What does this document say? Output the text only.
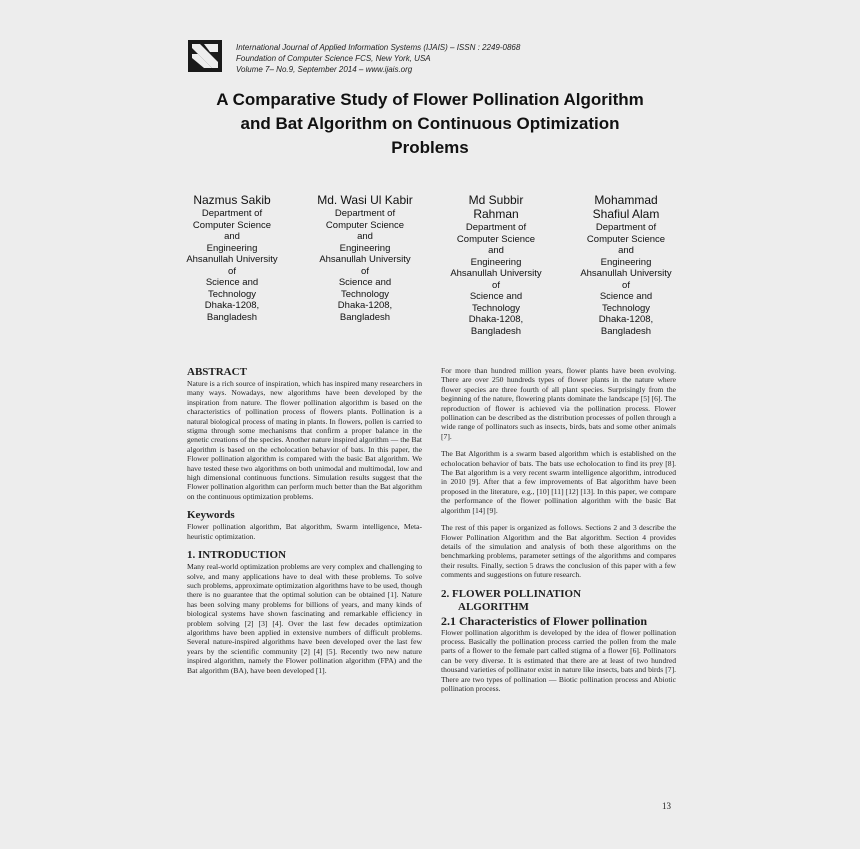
International Journal of Applied Information Systems (IJAIS) – ISSN : 2249-0868
Foundation of Computer Science FCS, New York, USA
Volume 7– No.9, September 2014 – www.ijais.org
A Comparative Study of Flower Pollination Algorithm
and Bat Algorithm on Continuous Optimization
Problems
Nazmus Sakib
Department of
Computer Science
and
Engineering
Ahsanullah University
of
Science and
Technology
Dhaka-1208,
Bangladesh
Md. Wasi Ul Kabir
Department of
Computer Science
and
Engineering
Ahsanullah University
of
Science and
Technology
Dhaka-1208,
Bangladesh
Md Subbir
Rahman
Department of
Computer Science
and
Engineering
Ahsanullah University
of
Science and
Technology
Dhaka-1208,
Bangladesh
Mohammad
Shafiul Alam
Department of
Computer Science
and
Engineering
Ahsanullah University
of
Science and
Technology
Dhaka-1208,
Bangladesh
ABSTRACT

Nature is a rich source of inspiration, which has inspired many researchers in many ways. Nowadays, new algorithms have been developed by the inspiration from nature. The flower pollination algorithm is based on the characteristics of pollination process of flowers plants. Pollination is a natural biological process of mating in plants. In flowers, pollen is carried to stigma through some mechanisms that confirm a proper balance in the genetic creations of the species. Another nature inspired algorithm — the Bat algorithm is based on the echolocation behavior of bats. In this paper, the Flower pollination algorithm is compared with the basic Bat algorithm. We have tested these two algorithms on both unimodal and multimodal, low and high dimensional continuous functions. Simulation results suggest that the Flower pollination algorithm can perform much better than the Bat algorithm on the continuous optimization problems.

Keywords

Flower pollination algorithm, Bat algorithm, Swarm intelligence, Meta-heuristic optimization.

1. INTRODUCTION

Many real-world optimization problems are very complex and challenging to solve, and many applications have to deal with these problems. To solve such problems, approximate optimization algorithms have to be used, though there is no guarantee that the optimal solution can be obtained [1]. Nature has been solving many problems for billions of years, and many kinds of biological systems have shown fascinating and remarkable efficiency in problem solving [2] [3] [4]. Over the last few decades optimization algorithms have been applied in extensive numbers of difficult problems. Several nature-inspired algorithms have been developed over the last few years by the scientific community [2] [4] [5]. Recently two new nature inspired algorithm, namely the Flower pollination algorithm (FPA) and the Bat algorithm (BA), have been developed [1].

For more than hundred million years, flower plants have been evolving. There are over 250 hundreds types of flower plants in the nature where flower species are three fourth of all plant species. Surprisingly from the beginning of the nature, flowering plants dominate the landscape [5] [6]. The reproduction of flower is achieved via the pollination process. Flower pollination can be described as the distribution processes of pollen through a wide range of pollinators such as insects, birds, bats and some other animals [7].

The Bat Algorithm is a swarm based algorithm which is established on the echolocation behavior of bats. The bats use echolocation to find its prey [8]. The Bat algorithm is a very recent swarm intelligence algorithm, introduced in 2010 [9]. After that a few improvements of Bat algorithm have been proposed in the literature, e.g., [10] [11] [12] [13]. In this paper, we compare the performance of the flower pollination algorithm with the basic Bat algorithm [14] [9].

The rest of this paper is organized as follows. Sections 2 and 3 describe the Flower Pollination Algorithm and the Bat algorithm. Section 4 provides details of the simulation and analysis of both these algorithms on the benchmarking problems, parameter settings of the algorithms and compares their results. Finally, section 5 draws the conclusion of this paper with a few comments and suggestions on future research.

2. FLOWER POLLINATION
ALGORITHM
2.1 Characteristics of Flower pollination

Flower pollination algorithm is developed by the idea of flower pollination process. Basically the pollination process carried the pollen from the male parts of a flower to the female part called stigma of a flower [6]. Pollinators can be very diverse. It is estimated that there are at least of two hundred thousand varieties of pollinator exist in nature like insects, bats and birds [7]. There are two types of pollination — Biotic pollination process and Abiotic pollination process.

13
